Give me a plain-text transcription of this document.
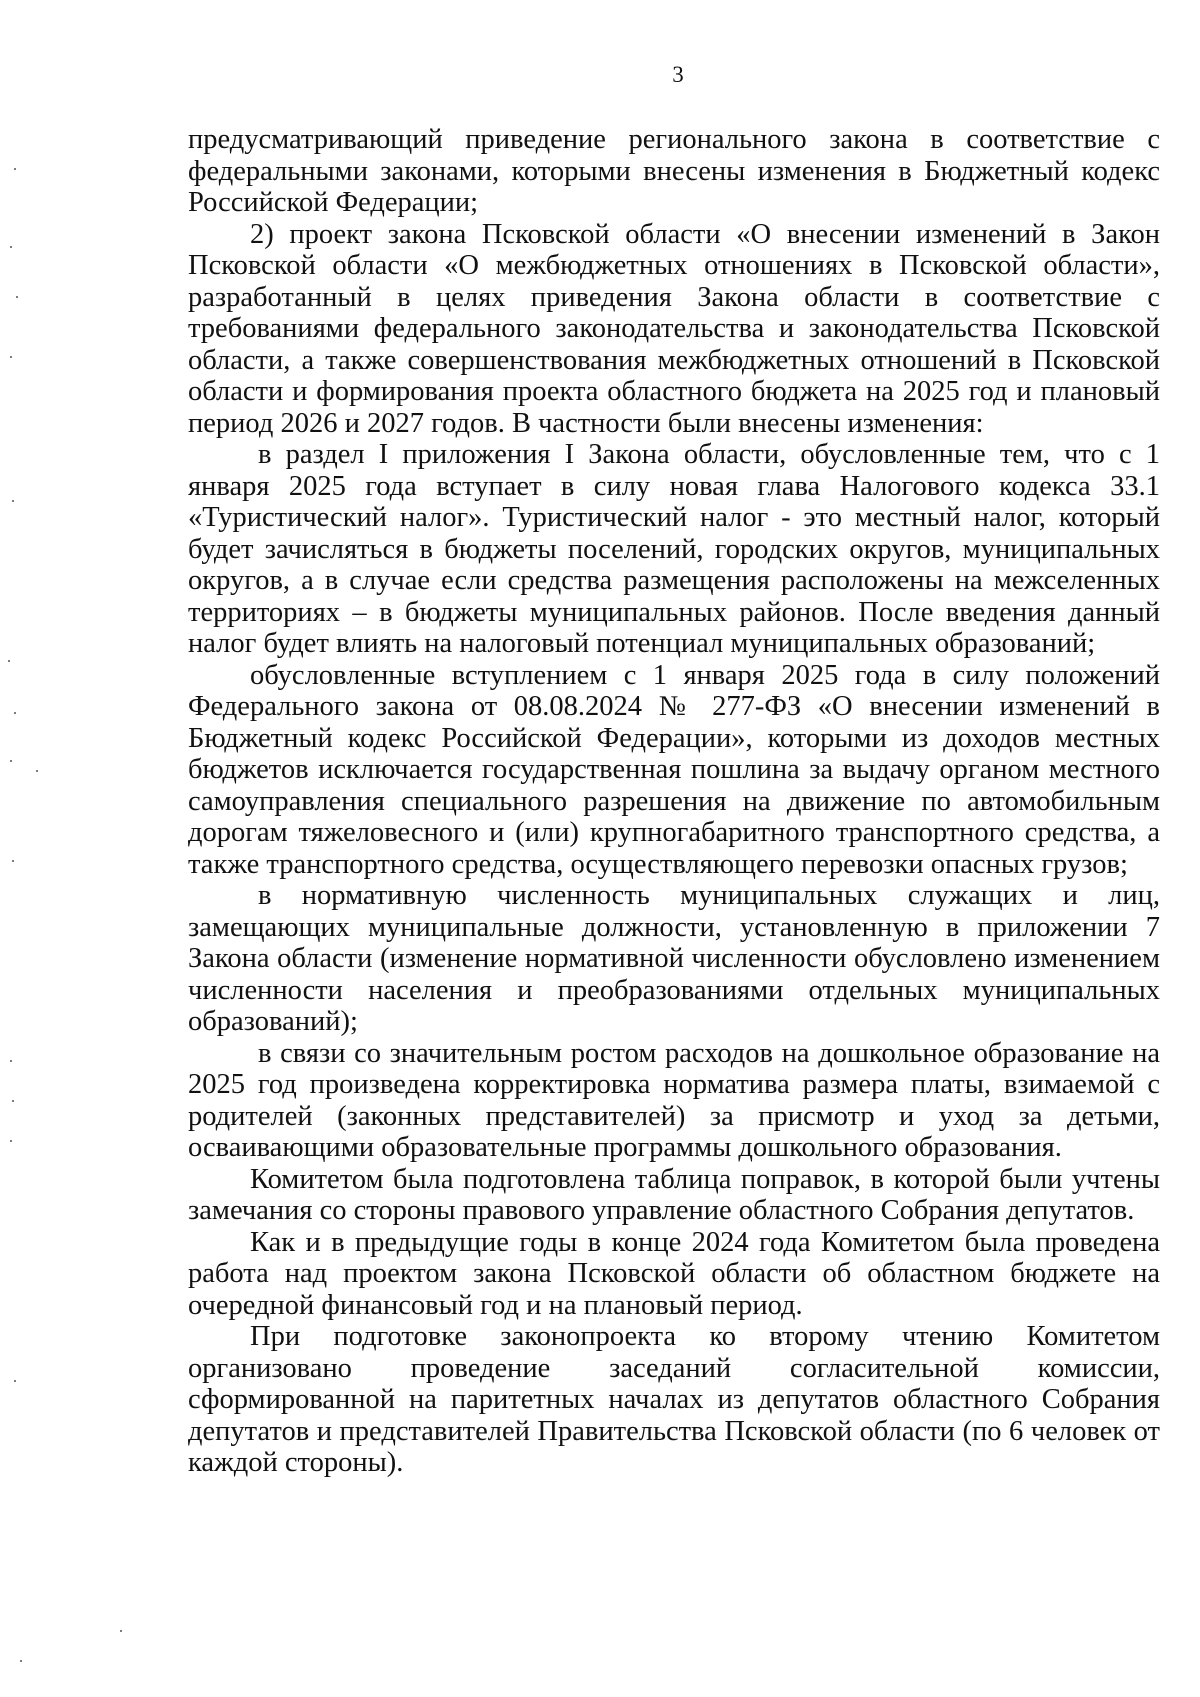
3

предусматривающий приведение регионального закона в соответствие с федеральными законами, которыми внесены изменения в Бюджетный кодекс Российской Федерации;

2) проект закона Псковской области «О внесении изменений в Закон Псковской области «О межбюджетных отношениях в Псковской области», разработанный в целях приведения Закона области в соответствие с требованиями федерального законодательства и законодательства Псковской области, а также совершенствования межбюджетных отношений в Псковской области и формирования проекта областного бюджета на 2025 год и плановый период 2026 и 2027 годов. В частности были внесены изменения:

в раздел I приложения I Закона области, обусловленные тем, что с 1 января 2025 года вступает в силу новая глава Налогового кодекса 33.1 «Туристический налог». Туристический налог - это местный налог, который будет зачисляться в бюджеты поселений, городских округов, муниципальных округов, а в случае если средства размещения расположены на межселенных территориях – в бюджеты муниципальных районов. После введения данный налог будет влиять на налоговый потенциал муниципальных образований;

обусловленные вступлением с 1 января 2025 года в силу положений Федерального закона от 08.08.2024 № 277-ФЗ «О внесении изменений в Бюджетный кодекс Российской Федерации», которыми из доходов местных бюджетов исключается государственная пошлина за выдачу органом местного самоуправления специального разрешения на движение по автомобильным дорогам тяжеловесного и (или) крупногабаритного транспортного средства, а также транспортного средства, осуществляющего перевозки опасных грузов;

в нормативную численность муниципальных служащих и лиц, замещающих муниципальные должности, установленную в приложении 7 Закона области (изменение нормативной численности обусловлено изменением численности населения и преобразованиями отдельных муниципальных образований);

в связи со значительным ростом расходов на дошкольное образование на 2025 год произведена корректировка норматива размера платы, взимаемой с родителей (законных представителей) за присмотр и уход за детьми, осваивающими образовательные программы дошкольного образования.

Комитетом была подготовлена таблица поправок, в которой были учтены замечания со стороны правового управление областного Собрания депутатов.

Как и в предыдущие годы в конце 2024 года Комитетом была проведена работа над проектом закона Псковской области об областном бюджете на очередной финансовый год и на плановый период.

При подготовке законопроекта ко второму чтению Комитетом организовано проведение заседаний согласительной комиссии, сформированной на паритетных началах из депутатов областного Собрания депутатов и представителей Правительства Псковской области (по 6 человек от каждой стороны).
